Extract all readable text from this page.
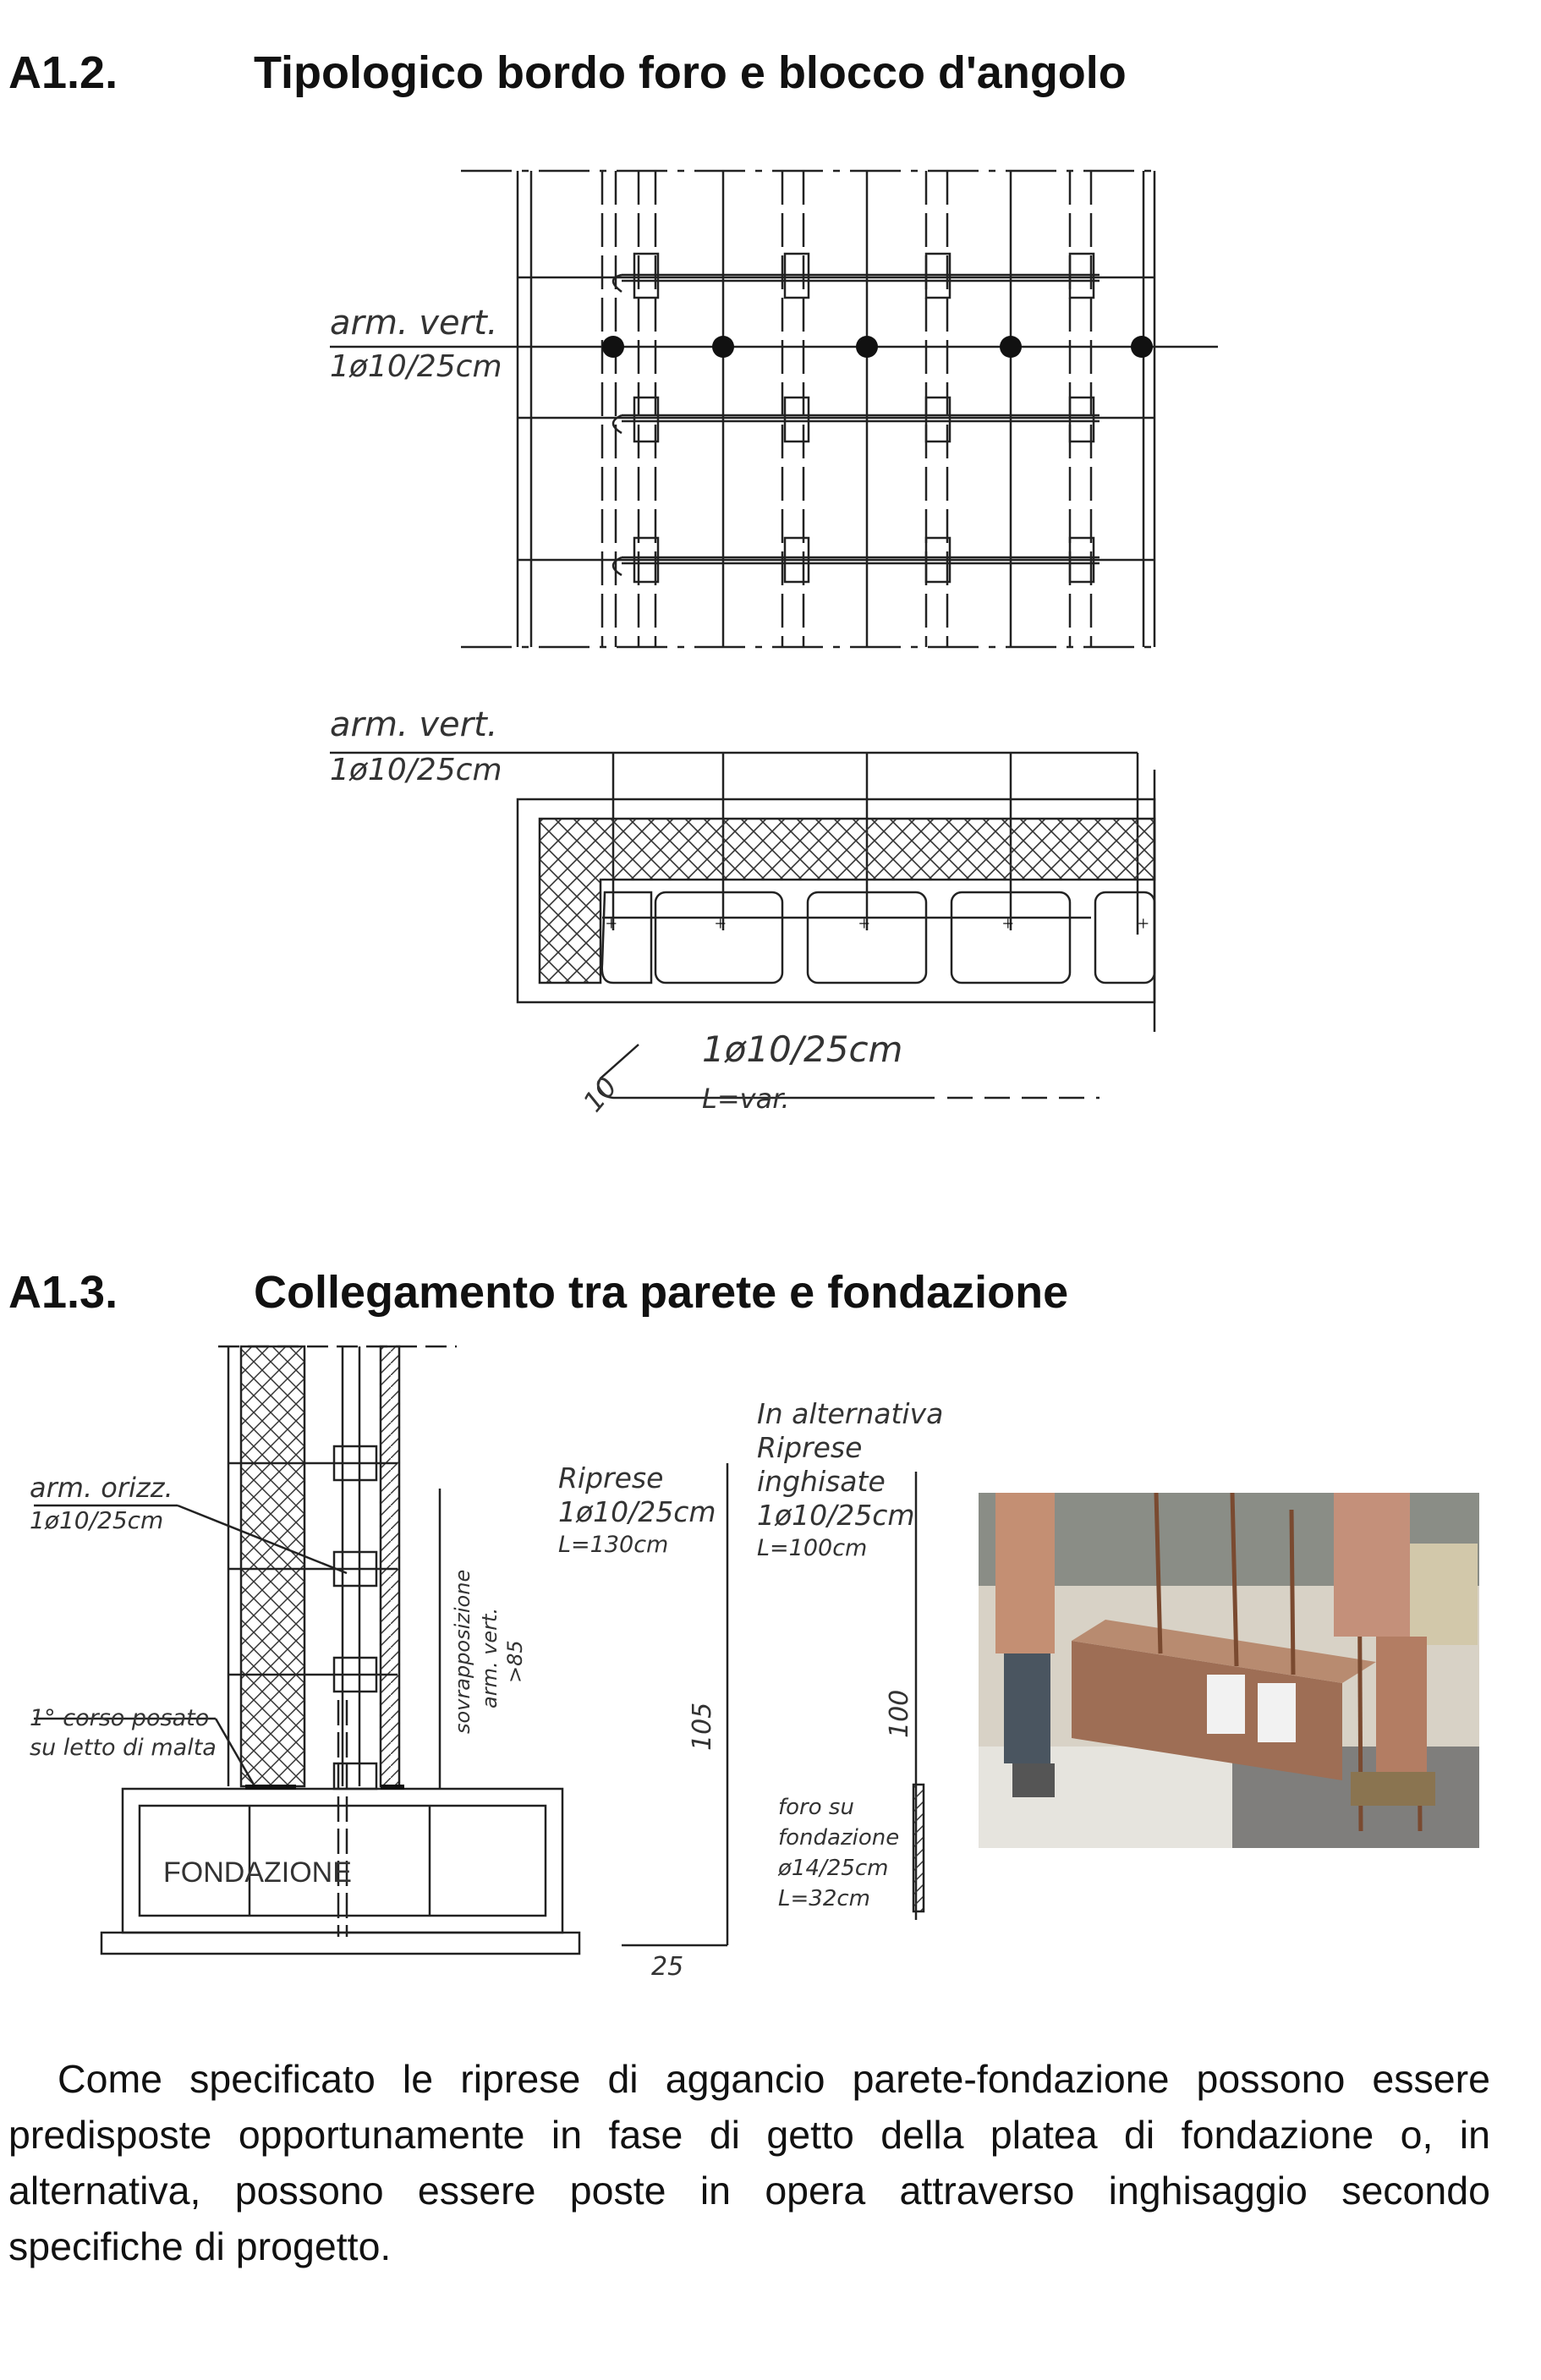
A1.2.	Tipologico bordo foro e blocco d'angolo
arm. vert.
1ø10/25cm
+	+	+	+	+
arm. vert.
1ø10/25cm
1ø10/25cm
L=var.
10
A1.3.	Collegamento tra parete e fondazione
arm. orizz.
1ø10/25cm
1° corso posato
su letto di malta
sovrapposizione arm. vert. >85
FONDAZIONE
Riprese
1ø10/25cm
L=130cm
105
25
In alternativa
Riprese
inghisate
1ø10/25cm
L=100cm
100
foro su
fondazione
ø14/25cm
L=32cm

Come specificato le riprese di aggancio parete-fondazione possono essere predisposte opportunamente in fase di getto della platea di fondazione o, in alternativa, possono essere poste in opera attraverso inghisaggio secondo specifiche di progetto.
